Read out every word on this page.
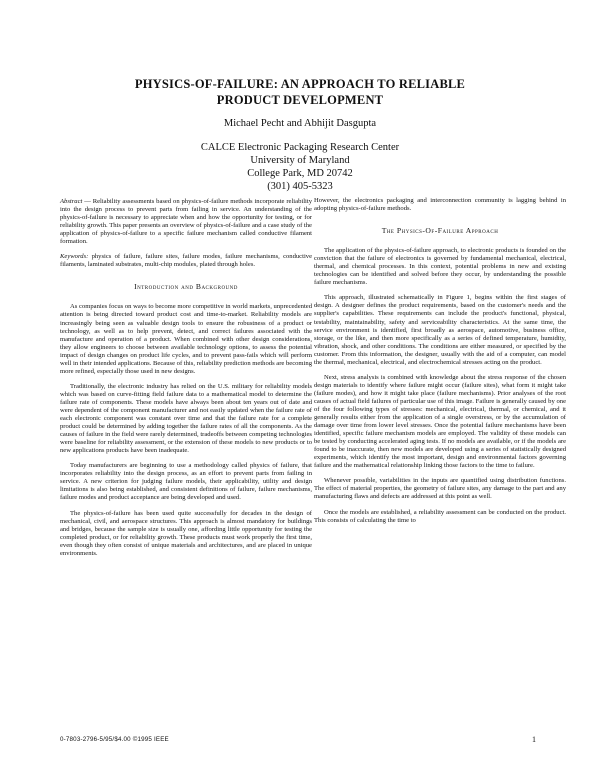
PHYSICS-OF-FAILURE: AN APPROACH TO RELIABLE
PRODUCT DEVELOPMENT
Michael Pecht and Abhijit Dasgupta
CALCE Electronic Packaging Research Center
University of Maryland
College Park, MD 20742
(301) 405-5323

Abstract — Reliability assessments based on physics-of-failure methods incorporate reliability into the design process to prevent parts from failing in service. An understanding of the physics-of-failure is necessary to appreciate when and how the opportunity for testing, or for reliability growth. This paper presents an overview of physics-of-failure and a case study of the application of physics-of-failure to a specific failure mechanism called conductive filament formation.

Keywords: physics of failure, failure sites, failure modes, failure mechanisms, conductive filaments, laminated substrates, multi-chip modules, plated through holes.

Introduction and Background

As companies focus on ways to become more competitive in world markets, unprecedented attention is being directed toward product cost and time-to-market. Reliability models are increasingly being seen as valuable design tools to ensure the robustness of a product or technology, as well as to help prevent, detect, and correct failures associated with the manufacture and operation of a product. When combined with other design considerations, they allow engineers to choose between available technology options, to assess the potential impact of design changes on product life cycles, and to prevent pass-fails which will perform well in their intended applications. Because of this, reliability prediction methods are becoming more refined, especially those used in new designs.

Traditionally, the electronic industry has relied on the U.S. military for reliability models which was based on curve-fitting field failure data to a mathematical model to determine the failure rate of components. These models have always been about ten years out of date and were dependent of the component manufacturer and not easily updated when the failure rate of each electronic component was constant over time and that the failure rate for a complete product could be determined by adding together the failure rates of all the components. As the causes of failure in the field were rarely determined, tradeoffs between competing technologies were baseline for reliability assessment, or the extension of these models to new products or to new applications products have been inadequate.

Today manufacturers are beginning to use a methodology called physics of failure, that incorporates reliability into the design process, as an effort to prevent parts from failing in service. A new criterion for judging failure models, their applicability, utility and design limitations is also being established, and consistent definitions of failure, failure mechanisms, failure modes and product acceptance are being developed and used.

The physics-of-failure has been used quite successfully for decades in the design of mechanical, civil, and aerospace structures. This approach is almost mandatory for buildings and bridges, because the sample size is usually one, affording little opportunity for testing the completed product, or for reliability growth. These products must work properly the first time, even though they often consist of unique materials and architectures, and are placed in unique environments.

However, the electronics packaging and interconnection community is lagging behind in adopting physics-of-failure methods.

The Physics-Of-Failure Approach

The application of the physics-of-failure approach, to electronic products is founded on the conviction that the failure of electronics is governed by fundamental mechanical, electrical, thermal, and chemical processes. In this context, potential problems in new and existing technologies can be identified and solved before they occur, by understanding the possible failure mechanisms.

This approach, illustrated schematically in Figure 1, begins within the first stages of design. A designer defines the product requirements, based on the customer's needs and the supplier's capabilities. These requirements can include the product's functional, physical, testability, maintainability, safety and serviceability characteristics. At the same time, the service environment is identified, first broadly as aerospace, automotive, business office, storage, or the like, and then more specifically as a series of defined temperature, humidity, vibration, shock, and other conditions. The conditions are either measured, or specified by the customer. From this information, the designer, usually with the aid of a computer, can model the thermal, mechanical, electrical, and electrochemical stresses acting on the product.

Next, stress analysis is combined with knowledge about the stress response of the chosen design materials to identify where failure might occur (failure sites), what form it might take (failure modes), and how it might take place (failure mechanisms). Prior analyses of the root causes of actual field failures of particular use of this image. Failure is generally caused by one of the four following types of stresses: mechanical, electrical, thermal, or chemical, and it generally results either from the application of a single overstress, or by the accumulation of damage over time from lower level stresses. Once the potential failure mechanisms have been identified, specific failure mechanism models are employed. The validity of these models can be tested by conducting accelerated aging tests. If no models are available, or if the models are found to be inaccurate, then new models are developed using a series of statistically designed experiments, which identify the most important, design and environmental factors governing failure and the mathematical relationship linking those factors to the time to failure.

Whenever possible, variabilities in the inputs are quantified using distribution functions. The effect of material properties, the geometry of failure sites, any damage to the part and any manufacturing flaws and defects are addressed at this point as well.

Once the models are established, a reliability assessment can be conducted on the product. This consists of calculating the time to

0-7803-2796-5/95/$4.00 ©1995 IEEE	1
